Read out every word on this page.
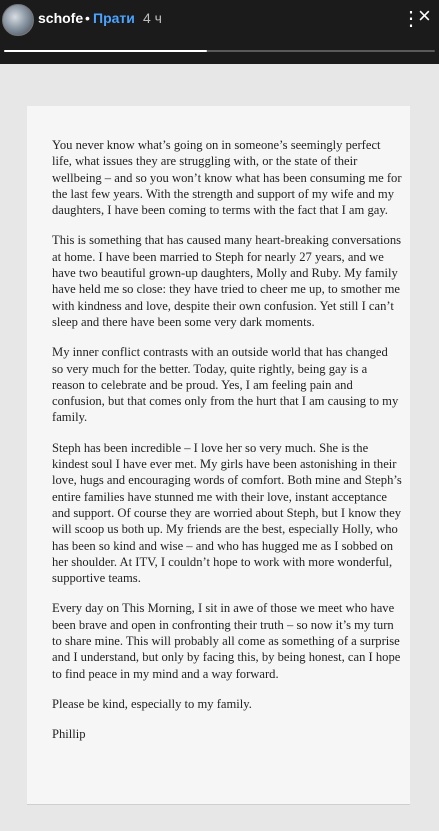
schofe • Прати 4 ч	⋮
×

You never know what’s going on in someone’s seemingly perfect life, what issues they are struggling with, or the state of their wellbeing – and so you won’t know what has been consuming me for the last few years. With the strength and support of my wife and my daughters, I have been coming to terms with the fact that I am gay.

This is something that has caused many heart-breaking conversations at home. I have been married to Steph for nearly 27 years, and we have two beautiful grown-up daughters, Molly and Ruby. My family have held me so close: they have tried to cheer me up, to smother me with kindness and love, despite their own confusion. Yet still I can’t sleep and there have been some very dark moments.

My inner conflict contrasts with an outside world that has changed so very much for the better. Today, quite rightly, being gay is a reason to celebrate and be proud. Yes, I am feeling pain and confusion, but that comes only from the hurt that I am causing to my family.

Steph has been incredible – I love her so very much. She is the kindest soul I have ever met. My girls have been astonishing in their love, hugs and encouraging words of comfort. Both mine and Steph’s entire families have stunned me with their love, instant acceptance and support. Of course they are worried about Steph, but I know they will scoop us both up. My friends are the best, especially Holly, who has been so kind and wise – and who has hugged me as I sobbed on her shoulder. At ITV, I couldn’t hope to work with more wonderful, supportive teams.

Every day on This Morning, I sit in awe of those we meet who have been brave and open in confronting their truth – so now it’s my turn to share mine. This will probably all come as something of a surprise and I understand, but only by facing this, by being honest, can I hope to find peace in my mind and a way forward.

Please be kind, especially to my family.

Phillip
